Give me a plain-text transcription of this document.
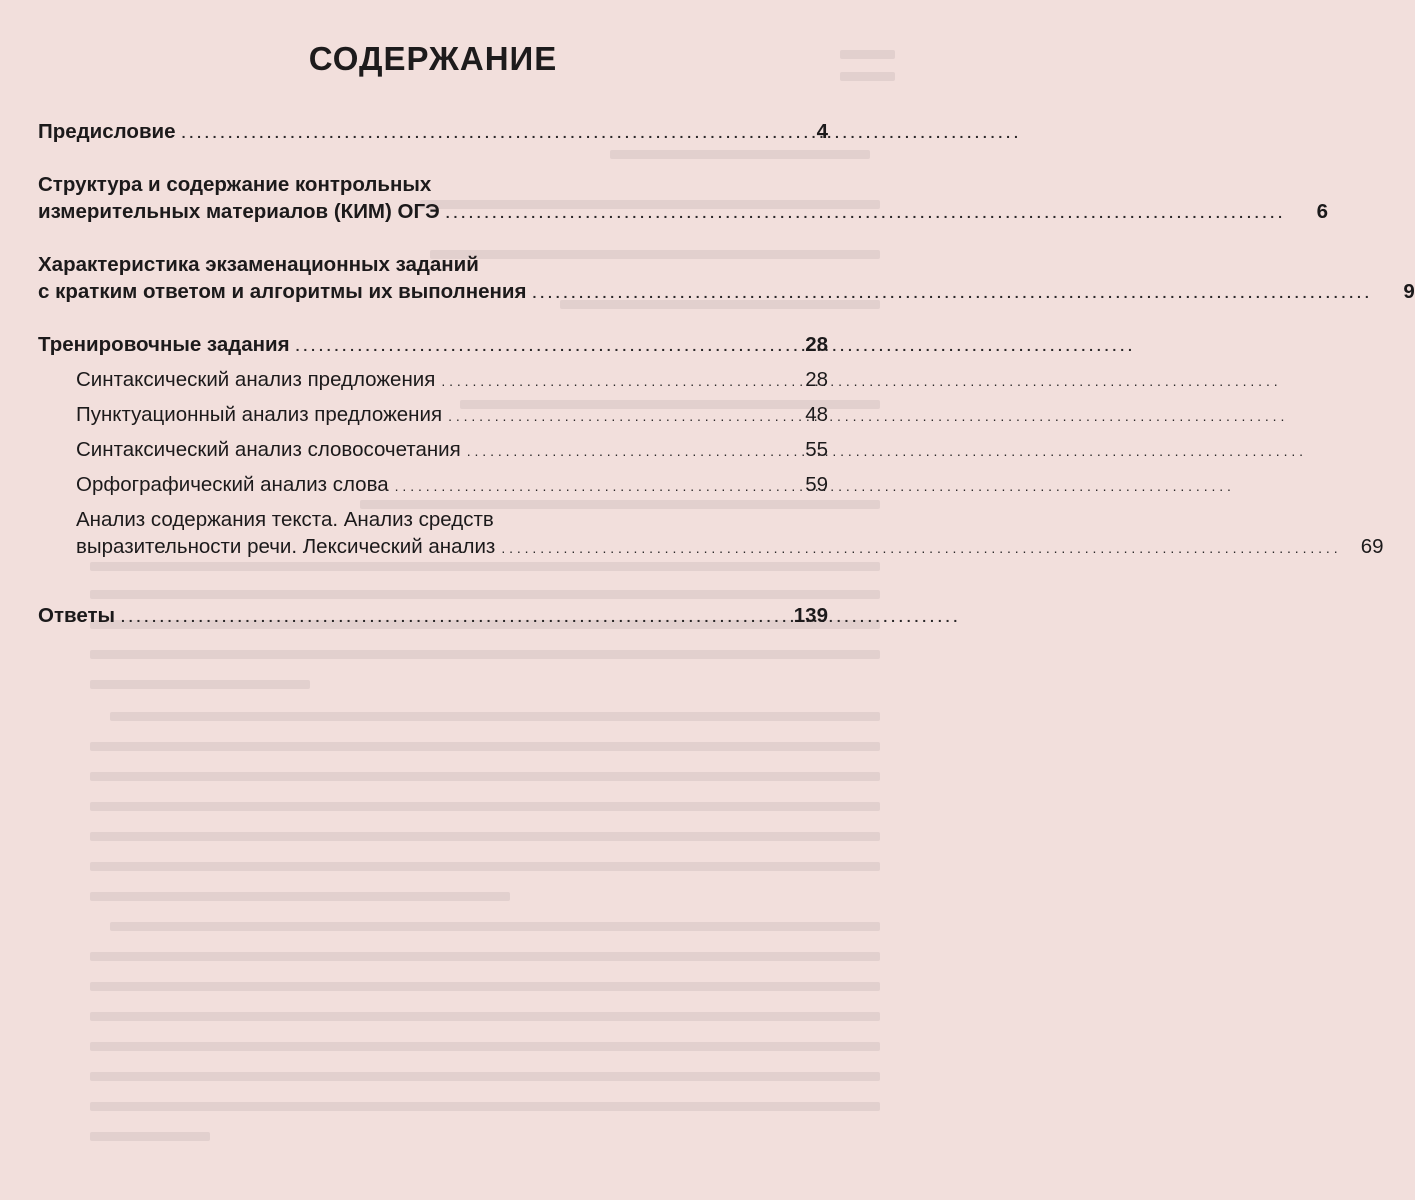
СОДЕРЖАНИЕ
Предисловие . . .	4
Структура и содержание контрольных
измерительных материалов (КИМ) ОГЭ . . .	6
Характеристика экзаменационных заданий
с кратким ответом и алгоритмы их выполнения . . .	9
Тренировочные задания . . .	28
Синтаксический анализ предложения . . .	28
Пунктуационный анализ предложения . . .	48
Синтаксический анализ словосочетания . . .	55
Орфографический анализ слова . . .	59
Анализ содержания текста. Анализ средств
выразительности речи. Лексический анализ . . .	69
Ответы . . .	139
